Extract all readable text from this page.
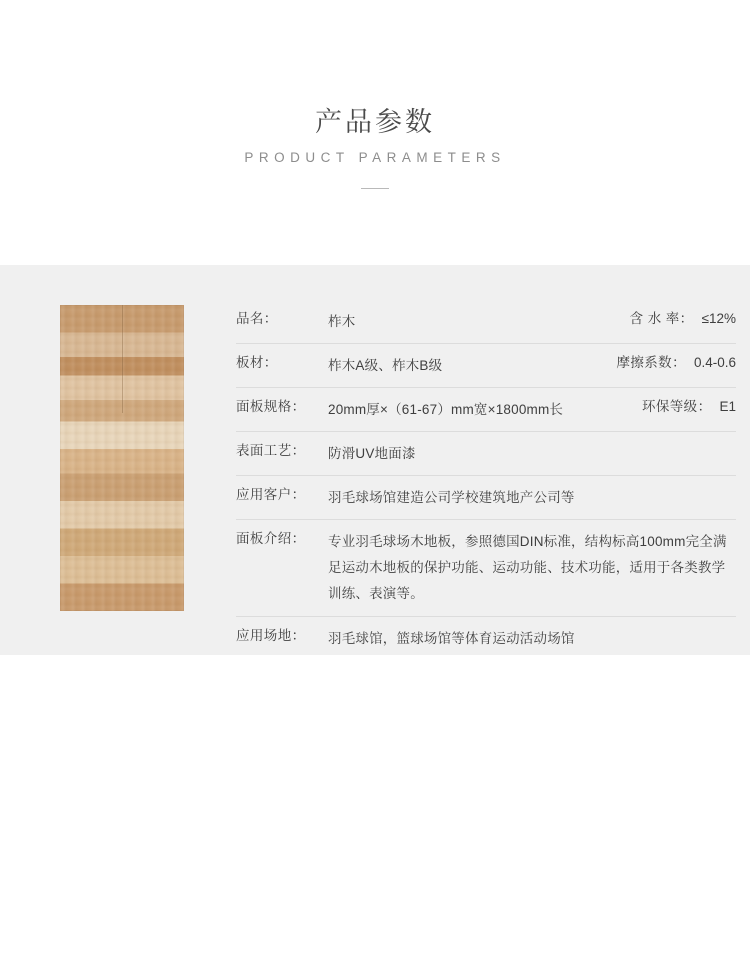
产品参数
PRODUCT PARAMETERS
欧式风采
品名：	柞木	含 水 率： ≤12%
板材：	柞木A级、柞木B级	摩擦系数： 0.4-0.6
面板规格：	20mm厚×（61-67）mm宽×1800mm长	环保等级： E1
表面工艺：	防滑UV地面漆
应用客户：	羽毛球场馆建造公司学校建筑地产公司等
面板介绍：	专业羽毛球场木地板，参照德国DIN标准，结构标高100mm完全满足运动木地板的保护功能、运动功能、技术功能，适用于各类教学训练、表演等。
应用场地：	羽毛球馆，篮球场馆等体育运动活动场馆
